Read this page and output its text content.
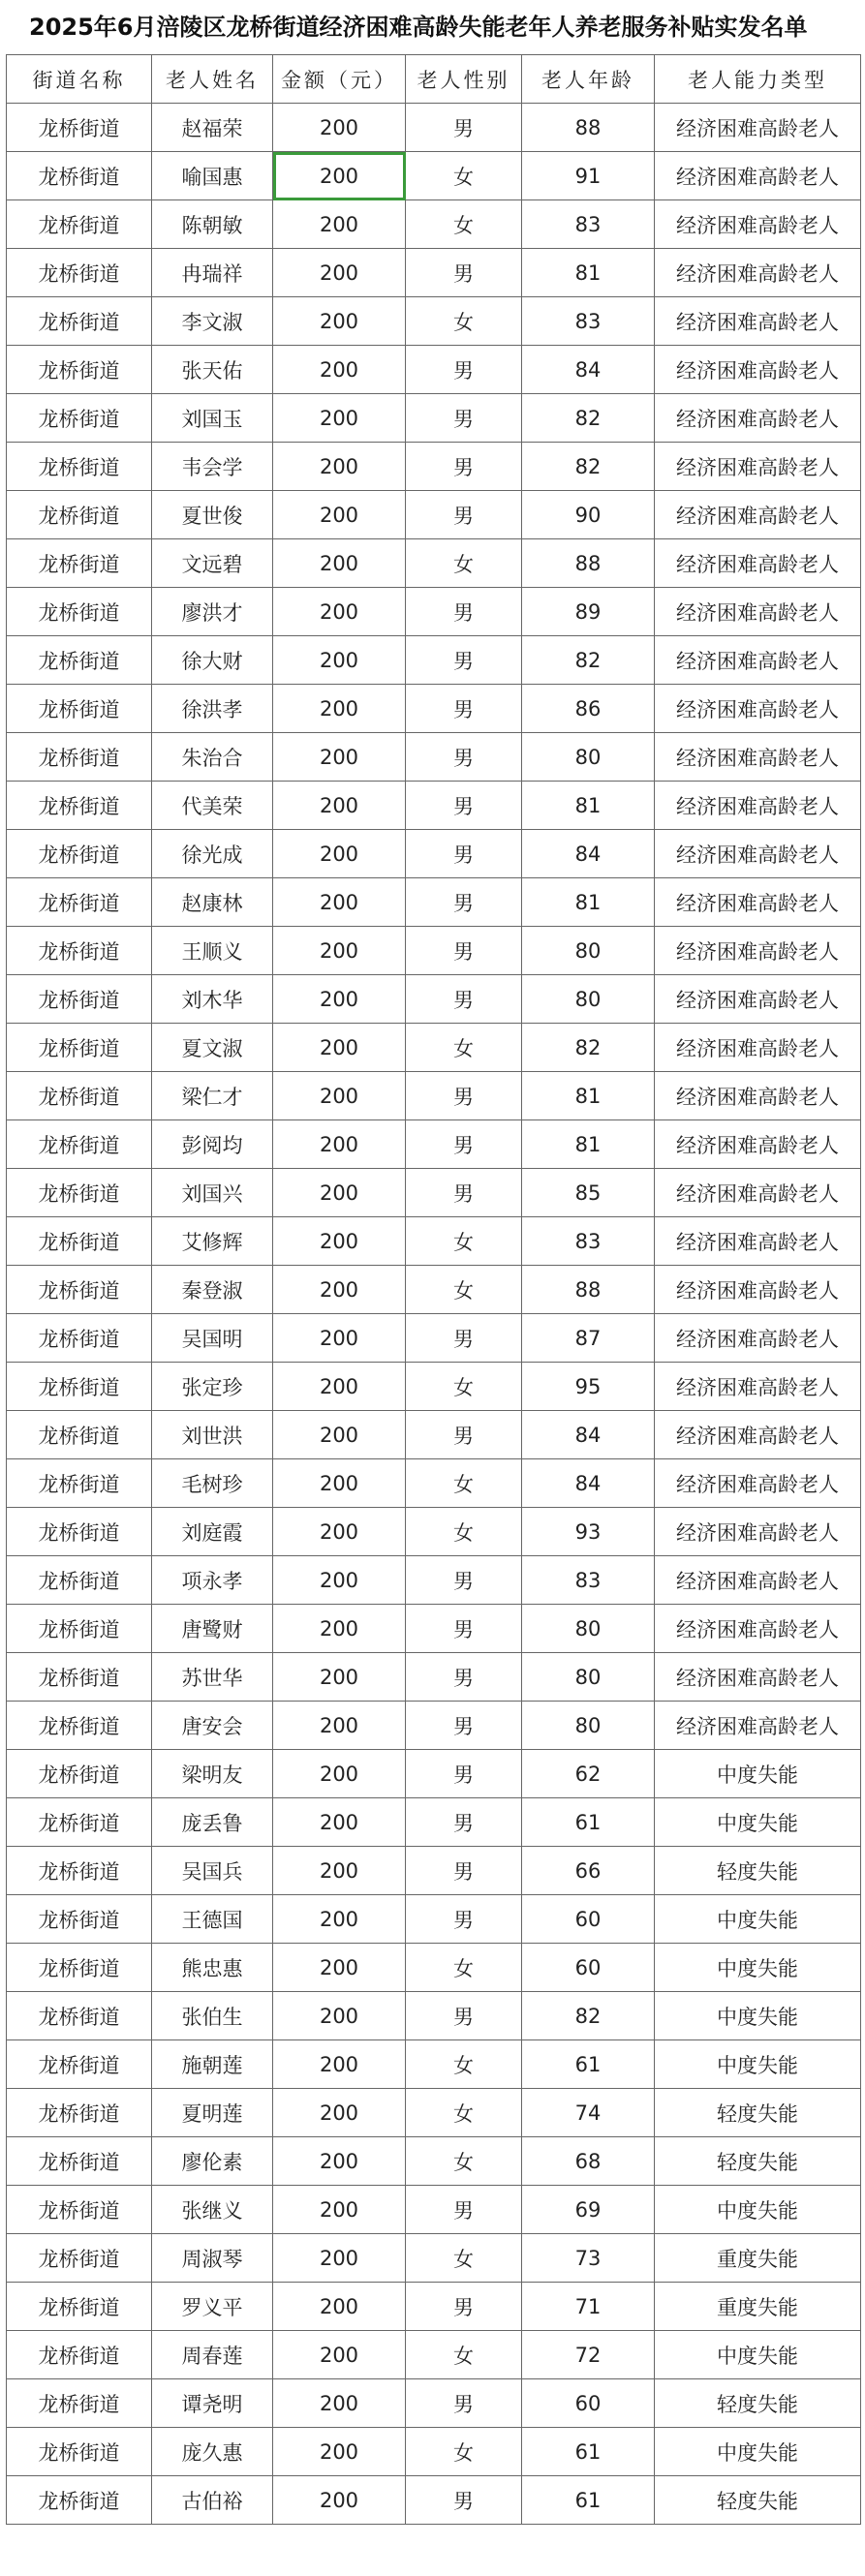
2025年6月涪陵区龙桥街道经济困难高龄失能老年人养老服务补贴实发名单
街道名称	老人姓名	金额（元）	老人性别	老人年龄	老人能力类型
龙桥街道	赵福荣	200	男	88	经济困难高龄老人
龙桥街道	喻国惠	200	女	91	经济困难高龄老人
龙桥街道	陈朝敏	200	女	83	经济困难高龄老人
龙桥街道	冉瑞祥	200	男	81	经济困难高龄老人
龙桥街道	李文淑	200	女	83	经济困难高龄老人
龙桥街道	张天佑	200	男	84	经济困难高龄老人
龙桥街道	刘国玉	200	男	82	经济困难高龄老人
龙桥街道	韦会学	200	男	82	经济困难高龄老人
龙桥街道	夏世俊	200	男	90	经济困难高龄老人
龙桥街道	文远碧	200	女	88	经济困难高龄老人
龙桥街道	廖洪才	200	男	89	经济困难高龄老人
龙桥街道	徐大财	200	男	82	经济困难高龄老人
龙桥街道	徐洪孝	200	男	86	经济困难高龄老人
龙桥街道	朱治合	200	男	80	经济困难高龄老人
龙桥街道	代美荣	200	男	81	经济困难高龄老人
龙桥街道	徐光成	200	男	84	经济困难高龄老人
龙桥街道	赵康林	200	男	81	经济困难高龄老人
龙桥街道	王顺义	200	男	80	经济困难高龄老人
龙桥街道	刘木华	200	男	80	经济困难高龄老人
龙桥街道	夏文淑	200	女	82	经济困难高龄老人
龙桥街道	梁仁才	200	男	81	经济困难高龄老人
龙桥街道	彭阅均	200	男	81	经济困难高龄老人
龙桥街道	刘国兴	200	男	85	经济困难高龄老人
龙桥街道	艾修辉	200	女	83	经济困难高龄老人
龙桥街道	秦登淑	200	女	88	经济困难高龄老人
龙桥街道	吴国明	200	男	87	经济困难高龄老人
龙桥街道	张定珍	200	女	95	经济困难高龄老人
龙桥街道	刘世洪	200	男	84	经济困难高龄老人
龙桥街道	毛树珍	200	女	84	经济困难高龄老人
龙桥街道	刘庭霞	200	女	93	经济困难高龄老人
龙桥街道	项永孝	200	男	83	经济困难高龄老人
龙桥街道	唐鹭财	200	男	80	经济困难高龄老人
龙桥街道	苏世华	200	男	80	经济困难高龄老人
龙桥街道	唐安会	200	男	80	经济困难高龄老人
龙桥街道	梁明友	200	男	62	中度失能
龙桥街道	庞丢鲁	200	男	61	中度失能
龙桥街道	吴国兵	200	男	66	轻度失能
龙桥街道	王德国	200	男	60	中度失能
龙桥街道	熊忠惠	200	女	60	中度失能
龙桥街道	张伯生	200	男	82	中度失能
龙桥街道	施朝莲	200	女	61	中度失能
龙桥街道	夏明莲	200	女	74	轻度失能
龙桥街道	廖伦素	200	女	68	轻度失能
龙桥街道	张继义	200	男	69	中度失能
龙桥街道	周淑琴	200	女	73	重度失能
龙桥街道	罗义平	200	男	71	重度失能
龙桥街道	周春莲	200	女	72	中度失能
龙桥街道	谭尧明	200	男	60	轻度失能
龙桥街道	庞久惠	200	女	61	中度失能
龙桥街道	古伯裕	200	男	61	轻度失能
